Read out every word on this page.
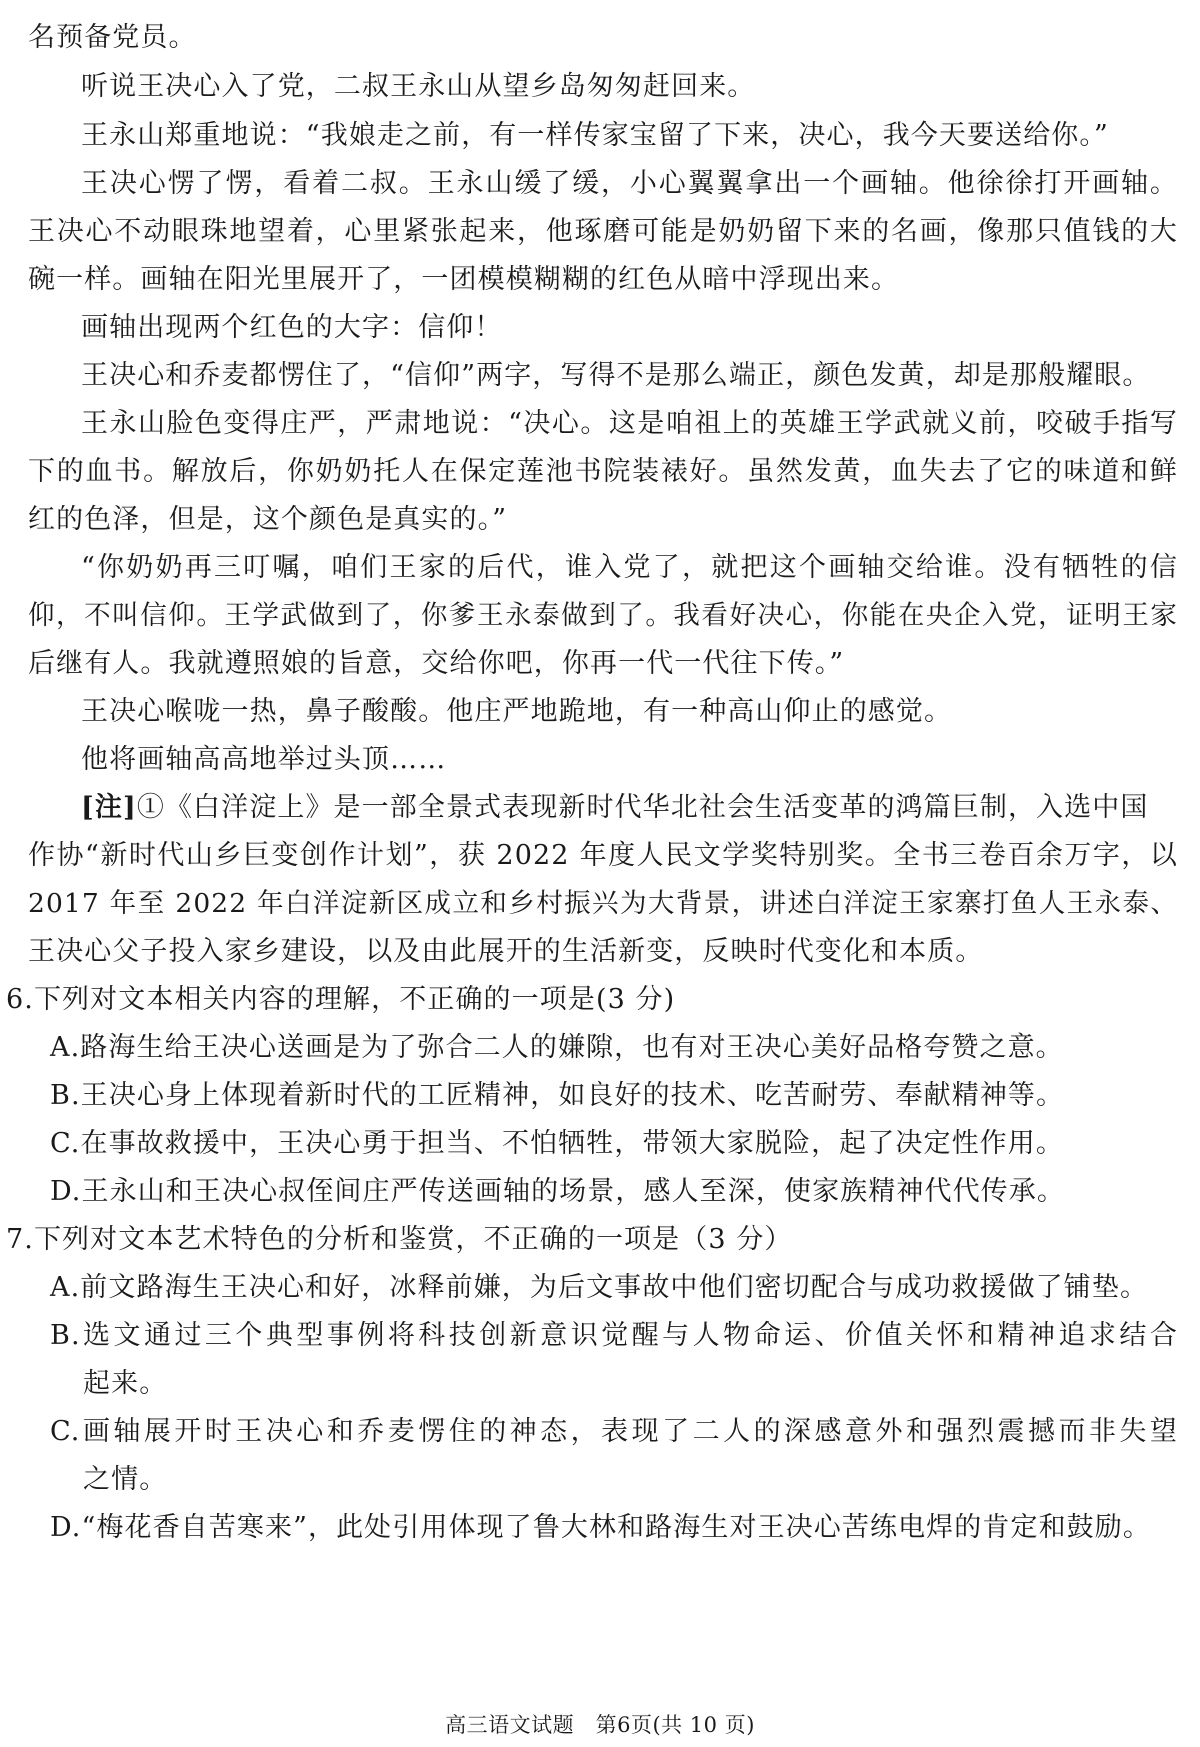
名预备党员。
听说王决心入了党，二叔王永山从望乡岛匆匆赶回来。
王永山郑重地说：“我娘走之前，有一样传家宝留了下来，决心，我今天要送给你。”
王决心愣了愣，看着二叔。王永山缓了缓，小心翼翼拿出一个画轴。他徐徐打开画轴。
王决心不动眼珠地望着，心里紧张起来，他琢磨可能是奶奶留下来的名画，像那只值钱的大
碗一样。画轴在阳光里展开了，一团模模糊糊的红色从暗中浮现出来。
画轴出现两个红色的大字：信仰！
王决心和乔麦都愣住了，“信仰”两字，写得不是那么端正，颜色发黄，却是那般耀眼。
王永山脸色变得庄严，严肃地说：“决心。这是咱祖上的英雄王学武就义前，咬破手指写
下的血书。解放后，你奶奶托人在保定莲池书院装裱好。虽然发黄，血失去了它的味道和鲜
红的色泽，但是，这个颜色是真实的。”
“你奶奶再三叮嘱，咱们王家的后代，谁入党了，就把这个画轴交给谁。没有牺牲的信
仰，不叫信仰。王学武做到了，你爹王永泰做到了。我看好决心，你能在央企入党，证明王家
后继有人。我就遵照娘的旨意，交给你吧，你再一代一代往下传。”
王决心喉咙一热，鼻子酸酸。他庄严地跪地，有一种高山仰止的感觉。
他将画轴高高地举过头顶……
[注]①《白洋淀上》是一部全景式表现新时代华北社会生活变革的鸿篇巨制，入选中国
作协“新时代山乡巨变创作计划”，获 2022 年度人民文学奖特别奖。全书三卷百余万字，以
2017 年至 2022 年白洋淀新区成立和乡村振兴为大背景，讲述白洋淀王家寨打鱼人王永泰、
王决心父子投入家乡建设，以及由此展开的生活新变，反映时代变化和本质。
6.下列对文本相关内容的理解，不正确的一项是(3 分)
A.路海生给王决心送画是为了弥合二人的嫌隙，也有对王决心美好品格夸赞之意。
B.王决心身上体现着新时代的工匠精神，如良好的技术、吃苦耐劳、奉献精神等。
C.在事故救援中，王决心勇于担当、不怕牺牲，带领大家脱险，起了决定性作用。
D.王永山和王决心叔侄间庄严传送画轴的场景，感人至深，使家族精神代代传承。
7.下列对文本艺术特色的分析和鉴赏，不正确的一项是（3 分）
A.前文路海生王决心和好，冰释前嫌，为后文事故中他们密切配合与成功救援做了铺垫。
B.选文通过三个典型事例将科技创新意识觉醒与人物命运、价值关怀和精神追求结合
起来。
C.画轴展开时王决心和乔麦愣住的神态，表现了二人的深感意外和强烈震撼而非失望
之情。
D.“梅花香自苦寒来”，此处引用体现了鲁大林和路海生对王决心苦练电焊的肯定和鼓励。
高三语文试题　第6页(共 10 页)
